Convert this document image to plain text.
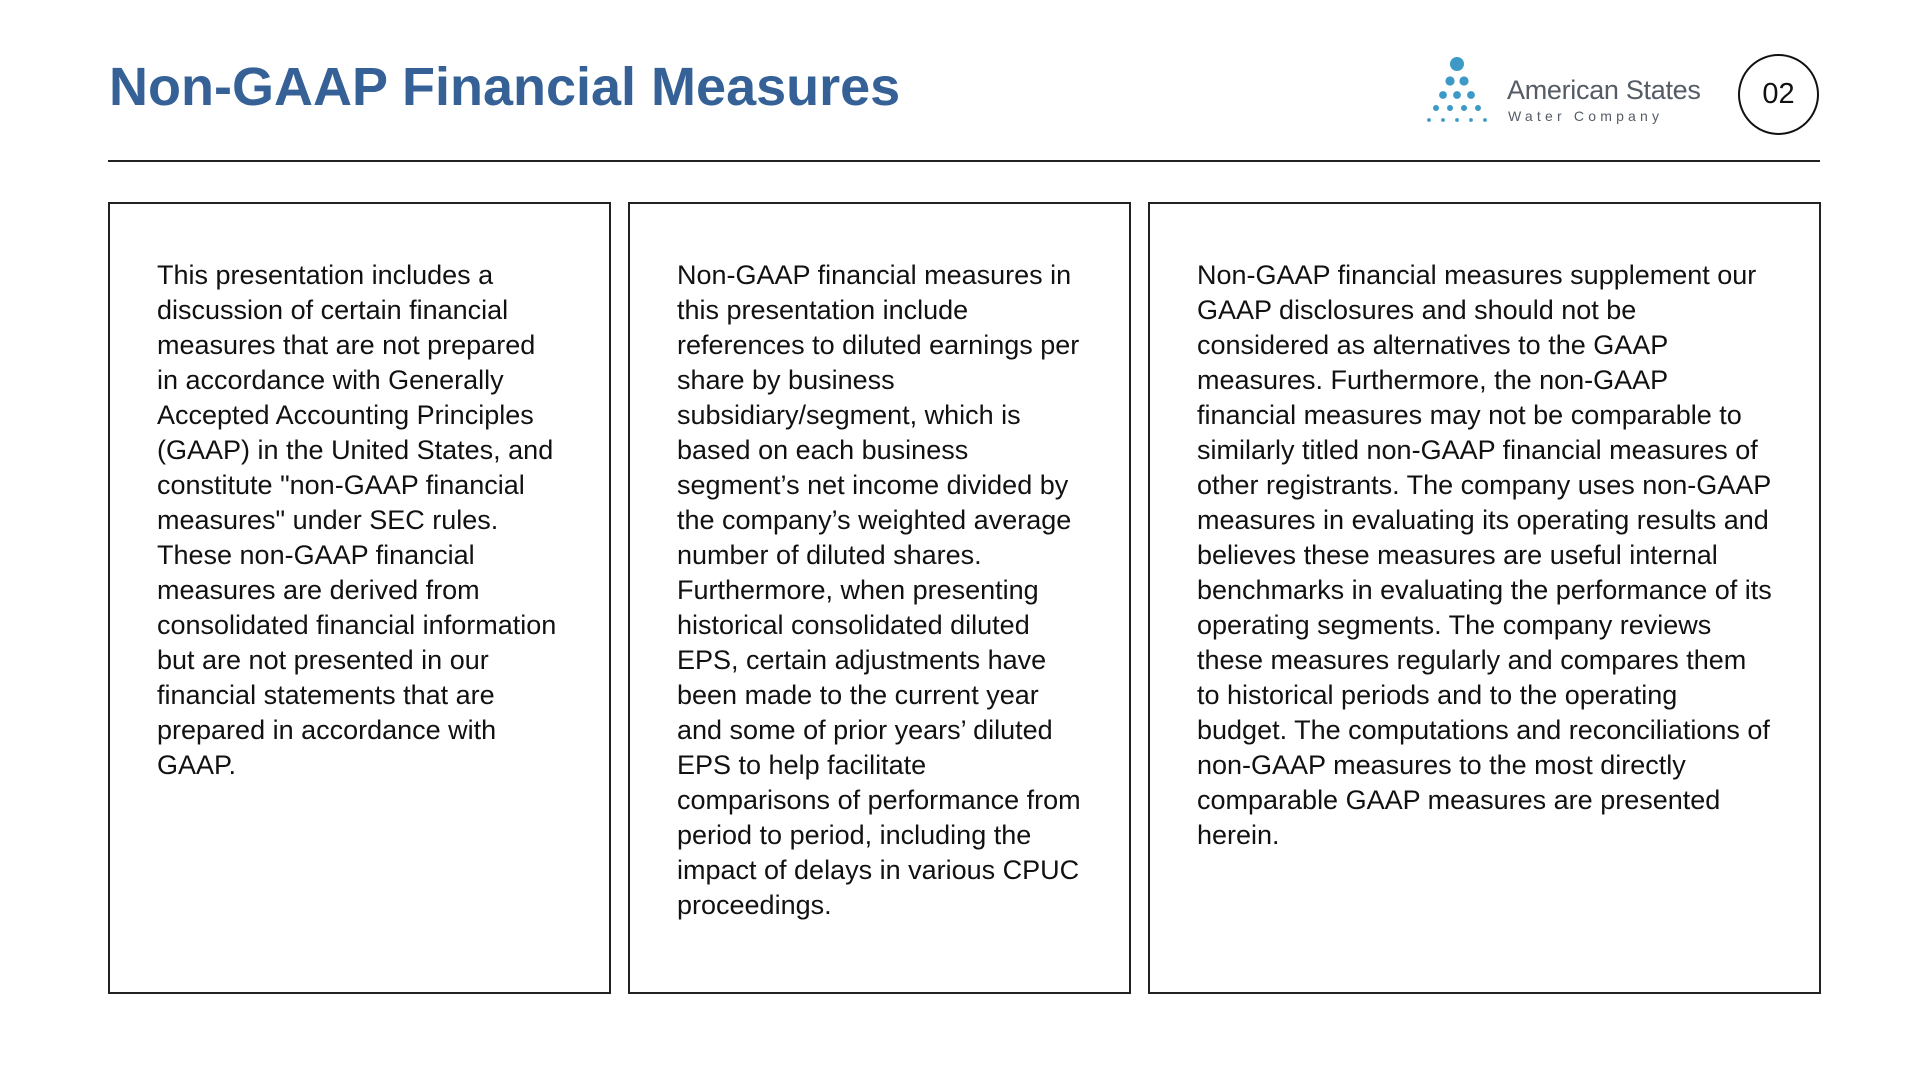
Non-GAAP Financial Measures	American States
Water Company
02

This presentation includes a discussion of certain financial measures that are not prepared in accordance with Generally Accepted Accounting Principles (GAAP) in the United States, and constitute "non-GAAP financial measures" under SEC rules. These non-GAAP financial measures are derived from consolidated financial information but are not presented in our financial statements that are prepared in accordance with GAAP.

Non-GAAP financial measures in this presentation include references to diluted earnings per share by business subsidiary/segment, which is based on each business segment’s net income divided by the company’s weighted average number of diluted shares. Furthermore, when presenting historical consolidated diluted EPS, certain adjustments have been made to the current year and some of prior years’ diluted EPS to help facilitate comparisons of performance from period to period, including the impact of delays in various CPUC proceedings.

Non-GAAP financial measures supplement our GAAP disclosures and should not be considered as alternatives to the GAAP measures. Furthermore, the non-GAAP financial measures may not be comparable to similarly titled non-GAAP financial measures of other registrants. The company uses non-GAAP measures in evaluating its operating results and believes these measures are useful internal benchmarks in evaluating the performance of its operating segments. The company reviews these measures regularly and compares them to historical periods and to the operating budget. The computations and reconciliations of non-GAAP measures to the most directly comparable GAAP measures are presented herein.
